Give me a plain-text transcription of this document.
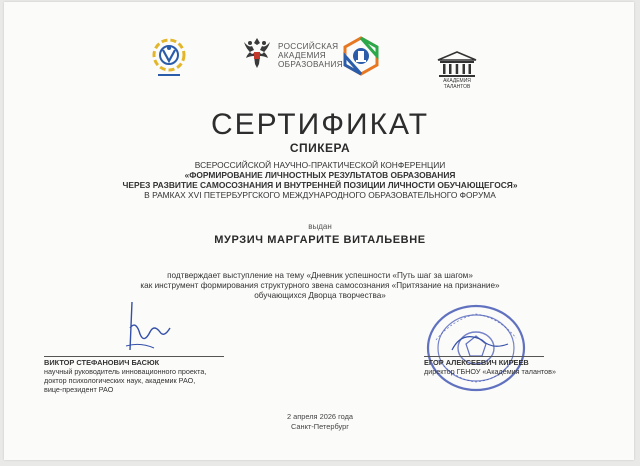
РОССИЙСКАЯ
АКАДЕМИЯ
ОБРАЗОВАНИЯ
АКАДЕМИЯ ТАЛАНТОВ
СЕРТИФИКАТ
СПИКЕРА
ВСЕРОССИЙСКОЙ НАУЧНО-ПРАКТИЧЕСКОЙ КОНФЕРЕНЦИИ
«ФОРМИРОВАНИЕ ЛИЧНОСТНЫХ РЕЗУЛЬТАТОВ ОБРАЗОВАНИЯ
ЧЕРЕЗ РАЗВИТИЕ САМОСОЗНАНИЯ И ВНУТРЕННЕЙ ПОЗИЦИИ ЛИЧНОСТИ ОБУЧАЮЩЕГОСЯ»
В РАМКАХ XVI ПЕТЕРБУРГСКОГО МЕЖДУНАРОДНОГО ОБРАЗОВАТЕЛЬНОГО ФОРУМА
выдан
МУРЗИЧ МАРГАРИТЕ ВИТАЛЬЕВНЕ
подтверждает выступление на тему «Дневник успешности «Путь шаг за шагом»
как инструмент формирования структурного звена самосознания «Притязание на признание»
обучающихся Дворца творчества»
ВИКТОР СТЕФАНОВИЧ БАСЮК
научный руководитель инновационного проекта,
доктор психологических наук, академик РАО,
вице-президент РАО
ЕГОР АЛЕКСЕЕВИЧ КИРЕЕВ
директор ГБНОУ «Академия талантов»
2 апреля 2026 года
Санкт-Петербург
